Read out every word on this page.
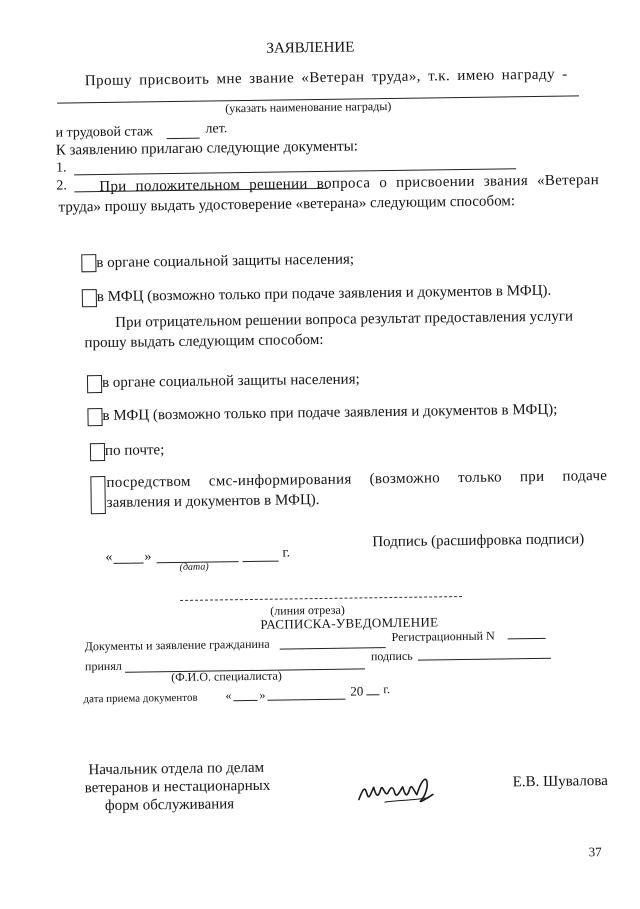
ЗАЯВЛЕНИЕ
Прошу присвоить мне звание «Ветеран труда», т.к. имею награду -
(указать наименование награды)
и трудовой стаж	лет.
К заявлению прилагаю следующие документы:
1.
2. При положительном решении вопроса о присвоении звания «Ветеран
труда» прошу выдать удостоверение «ветерана» следующим способом:
в органе социальной защиты населения;
в МФЦ (возможно только при подаче заявления и документов в МФЦ).
При отрицательном решении вопроса результат предоставления услуги
прошу выдать следующим способом:
в органе социальной защиты населения;
в МФЦ (возможно только при подаче заявления и документов в МФЦ);
по почте;
посредством смс-информирования (возможно только при подаче
заявления и документов в МФЦ).
« »	г.
(дата)
Подпись (расшифровка подписи)
(линия отреза)
РАСПИСКА-УВЕДОМЛЕНИЕ
Документы и заявление гражданина
Регистрационный N
принял
подпись
(Ф.И.О. специалиста)
дата приема документов « »	20 г.
Начальник отдела по делам
ветеранов и нестационарных
форм обслуживания
Е.В. Шувалова
37
